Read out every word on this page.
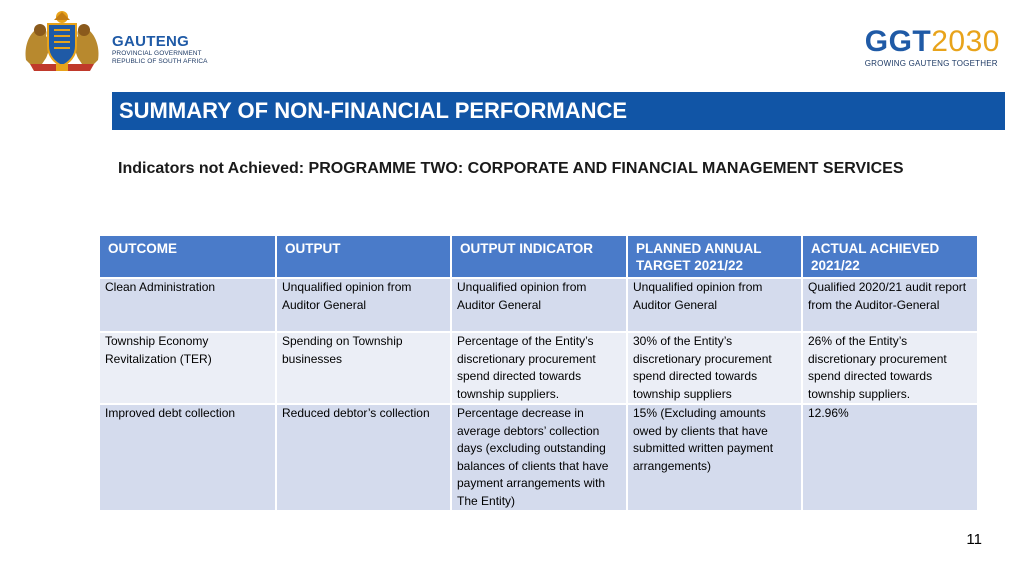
GAUTENG
PROVINCIAL GOVERNMENT
REPUBLIC OF SOUTH AFRICA
GGT2030
GROWING GAUTENG TOGETHER
SUMMARY OF NON-FINANCIAL PERFORMANCE
Indicators not Achieved: PROGRAMME TWO: CORPORATE AND FINANCIAL MANAGEMENT SERVICES
OUTCOME	OUTPUT	OUTPUT INDICATOR	PLANNED ANNUAL TARGET 2021/22	ACTUAL ACHIEVED 2021/22
Clean Administration	Unqualified opinion from Auditor General	Unqualified opinion from Auditor General	Unqualified opinion from Auditor General	Qualified 2020/21 audit report from the Auditor-General
Township Economy Revitalization (TER)	Spending on Township businesses	Percentage of the Entity’s discretionary procurement spend directed towards township suppliers.	30% of the Entity’s discretionary procurement spend directed towards township suppliers	26% of the Entity’s discretionary procurement spend directed towards township suppliers.
Improved debt collection	Reduced debtor’s collection	Percentage decrease in average debtors’ collection days (excluding outstanding balances of clients that have payment arrangements with The Entity)	15% (Excluding amounts owed by clients that have submitted written payment arrangements)	12.96%
11
